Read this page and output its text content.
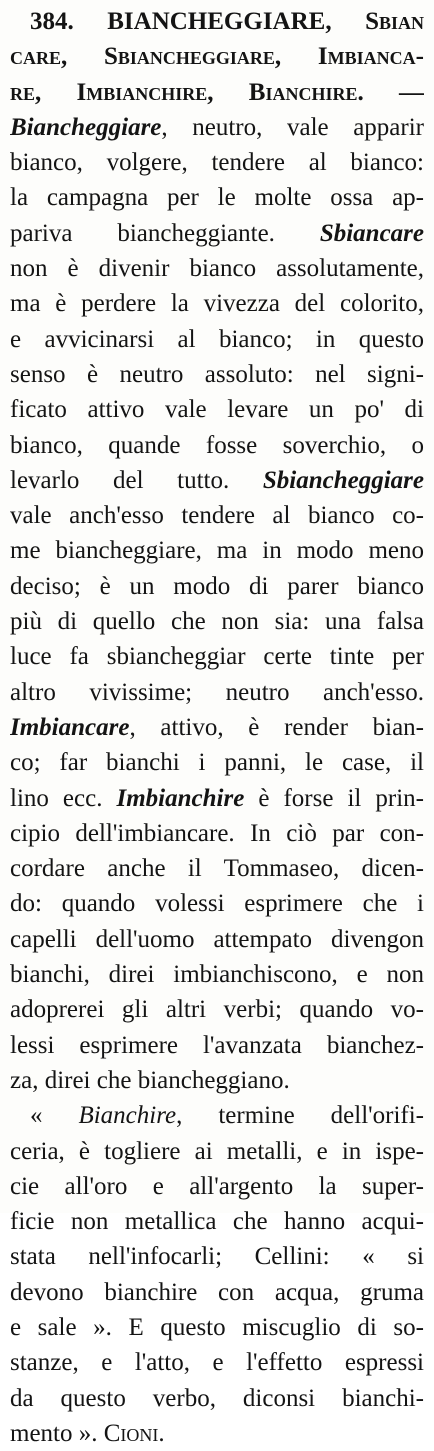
384. BIANCHEGGIARE, Sbian
care, Sbiancheggiare, Imbianca-
re, Imbianchire, Bianchire. —
Biancheggiare, neutro, vale apparir
bianco, volgere, tendere al bianco:
la campagna per le molte ossa ap-
pariva biancheggiante. Sbiancare
non è divenir bianco assolutamente,
ma è perdere la vivezza del colorito,
e avvicinarsi al bianco; in questo
senso è neutro assoluto: nel signi-
ficato attivo vale levare un po' di
bianco, quande fosse soverchio, o
levarlo del tutto. Sbiancheggiare
vale anch'esso tendere al bianco co-
me biancheggiare, ma in modo meno
deciso; è un modo di parer bianco
più di quello che non sia: una falsa
luce fa sbiancheggiar certe tinte per
altro vivissime; neutro anch'esso.
Imbiancare, attivo, è render bian-
co; far bianchi i panni, le case, il
lino ecc. Imbianchire è forse il prin-
cipio dell'imbiancare. In ciò par con-
cordare anche il Tommaseo, dicen-
do: quando volessi esprimere che i
capelli dell'uomo attempato divengon
bianchi, direi imbianchiscono, e non
adoprerei gli altri verbi; quando vo-
lessi esprimere l'avanzata bianchez-
za, direi che biancheggiano.
« Bianchire, termine dell'orifi-
ceria, è togliere ai metalli, e in ispe-
cie all'oro e all'argento la super-
ficie non metallica che hanno acqui-
stata nell'infocarli; Cellini: « si
devono bianchire con acqua, gruma
e sale ». E questo miscuglio di so-
stanze, e l'atto, e l'effetto espressi
da questo verbo, diconsi bianchi-
mento ». Cioni.
